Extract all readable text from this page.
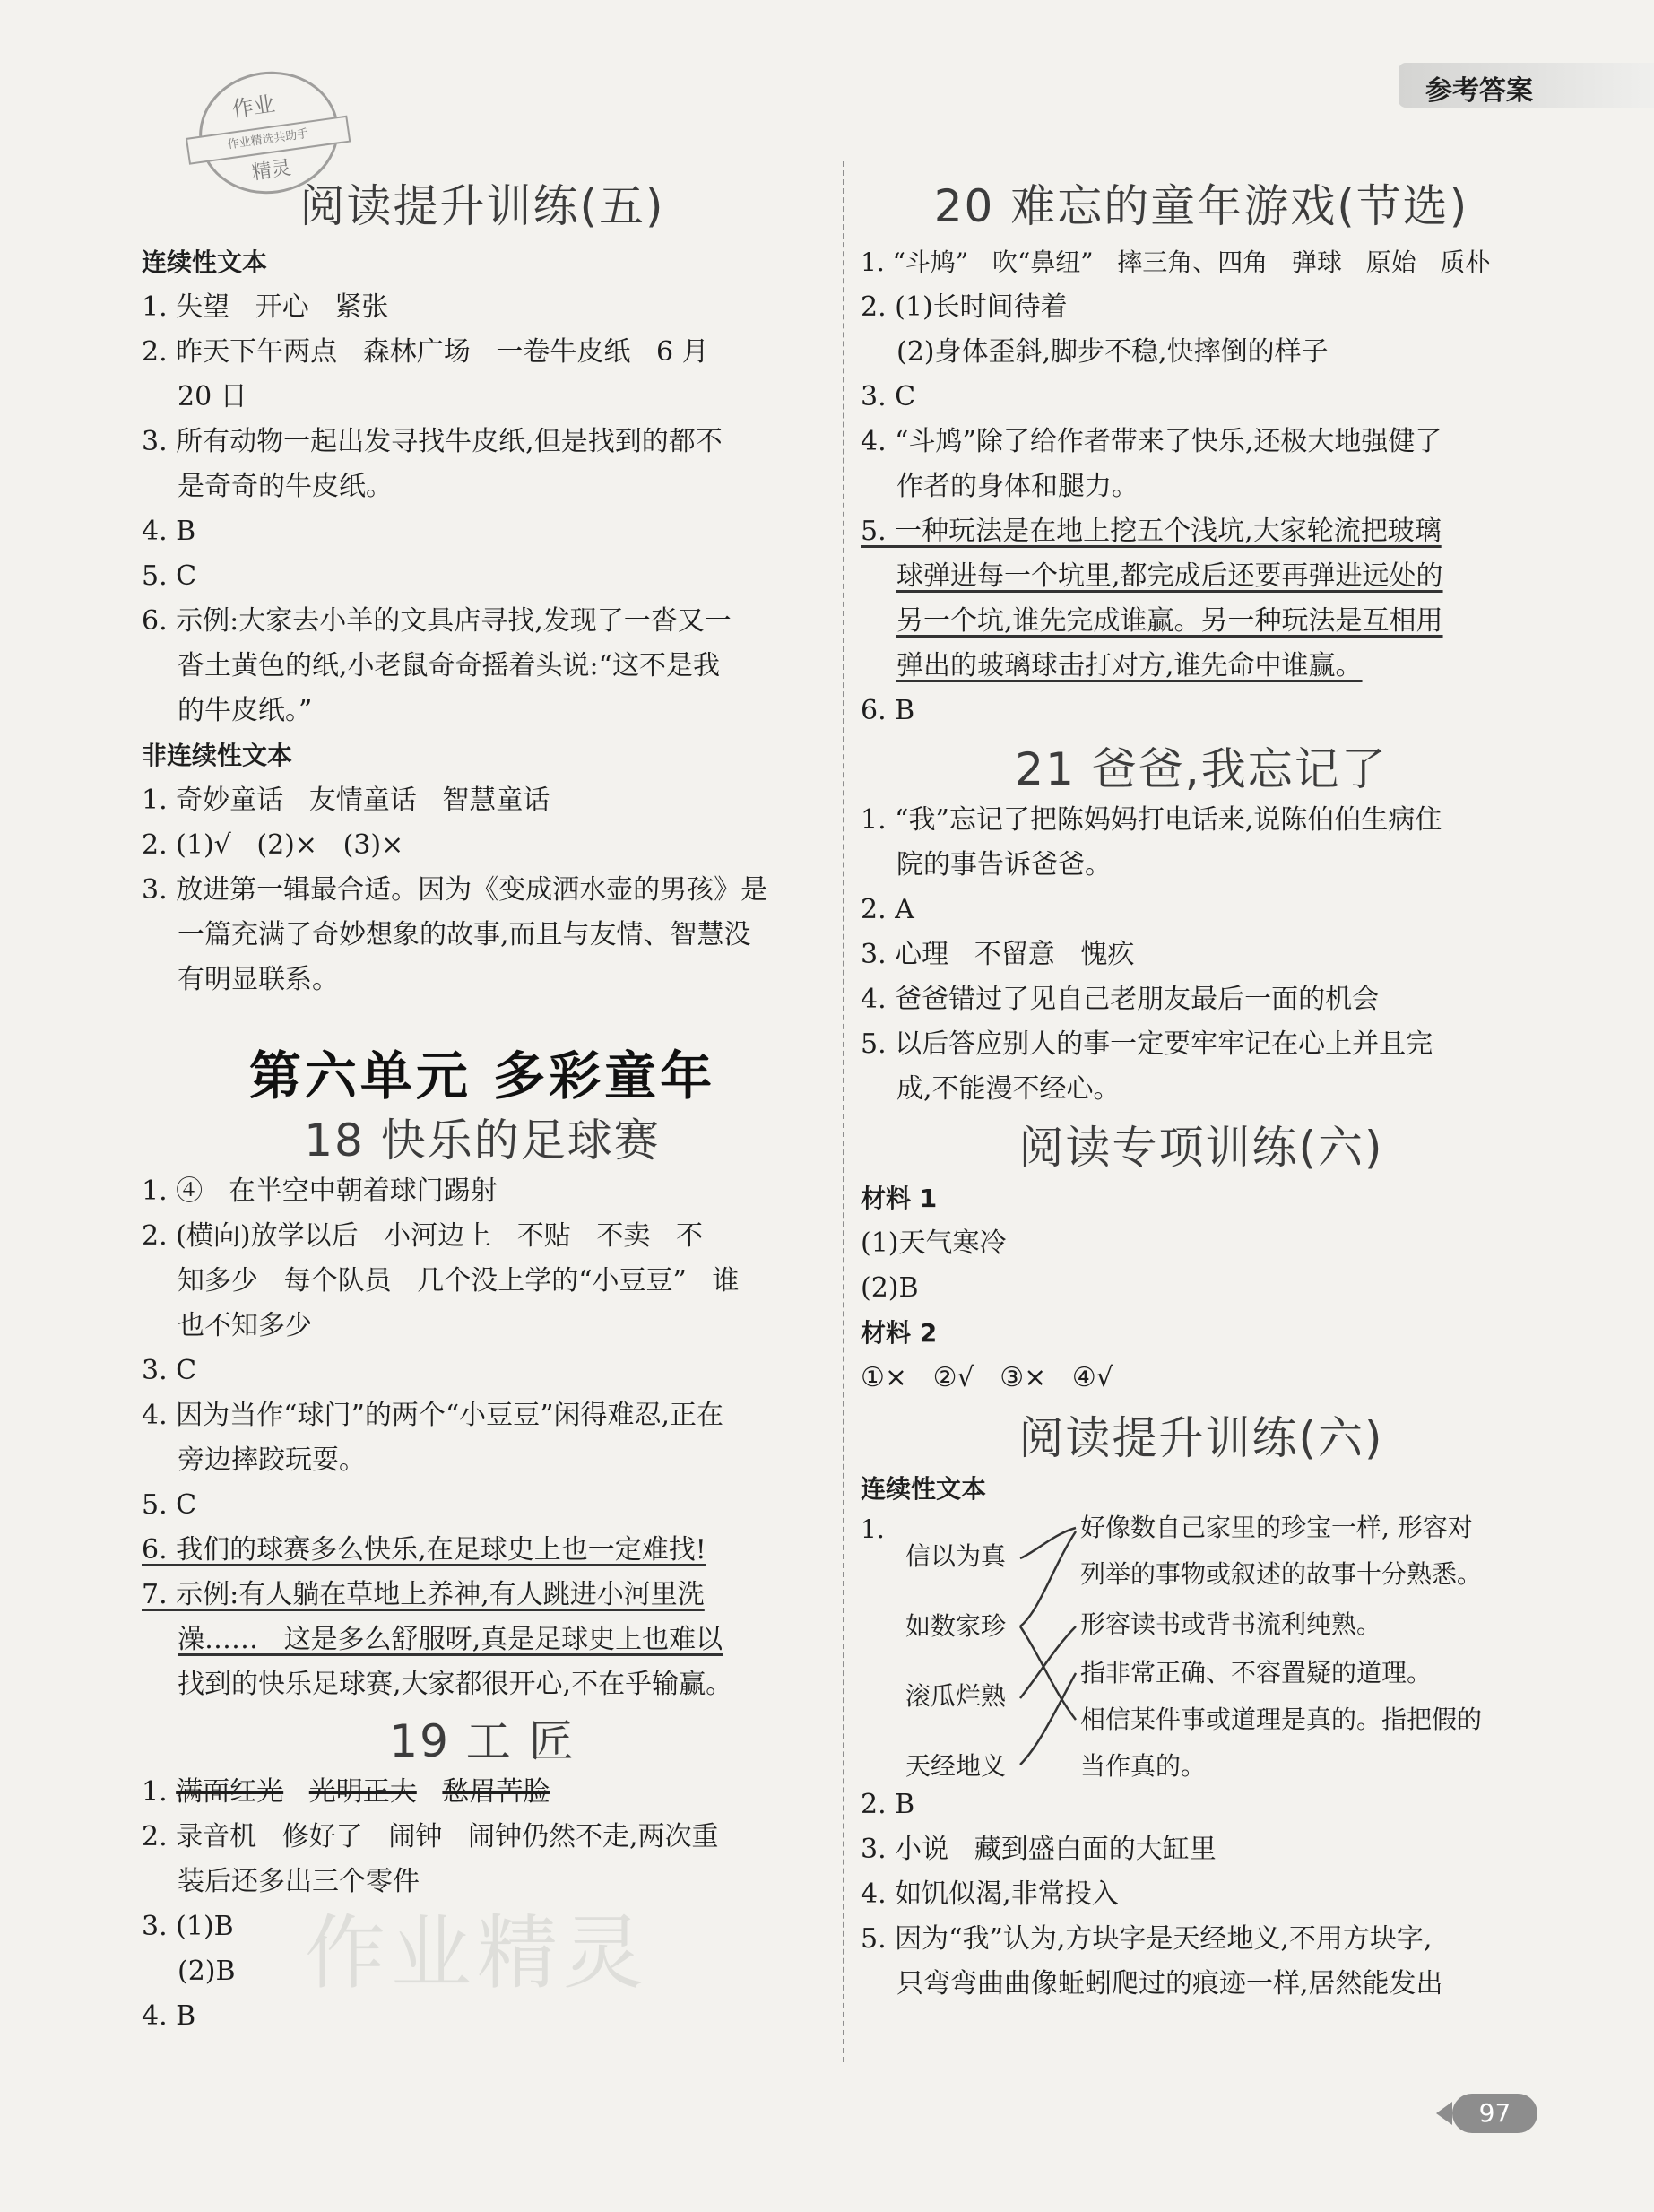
参考答案
作业
作业精选共助手
精灵
阅读提升训练(五)
连续性文本
1. 失望   开心   紧张
2. 昨天下午两点   森林广场   一卷牛皮纸   6 月
20 日
3. 所有动物一起出发寻找牛皮纸,但是找到的都不
是奇奇的牛皮纸。
4. B
5. C
6. 示例:大家去小羊的文具店寻找,发现了一沓又一
沓土黄色的纸,小老鼠奇奇摇着头说:“这不是我
的牛皮纸。”
非连续性文本
1. 奇妙童话   友情童话   智慧童话
2. (1)√   (2)×   (3)×
3. 放进第一辑最合适。因为《变成洒水壶的男孩》是
一篇充满了奇妙想象的故事,而且与友情、智慧没
有明显联系。
第六单元 多彩童年
18 快乐的足球赛
1. ④   在半空中朝着球门踢射
2. (横向)放学以后   小河边上   不贴   不卖   不
知多少   每个队员   几个没上学的“小豆豆”   谁
也不知多少
3. C
4. 因为当作“球门”的两个“小豆豆”闲得难忍,正在
旁边摔跤玩耍。
5. C
6. 我们的球赛多么快乐,在足球史上也一定难找!
7. 示例:有人躺在草地上养神,有人跳进小河里洗
澡……   这是多么舒服呀,真是足球史上也难以
找到的快乐足球赛,大家都很开心,不在乎输赢。
19 工 匠
1. 满面红光 光明正大 愁眉苦脸
2. 录音机   修好了   闹钟   闹钟仍然不走,两次重
装后还多出三个零件
3. (1)B
(2)B
4. B
20 难忘的童年游戏(节选)
1. “斗鸠”   吹“鼻纽”   摔三角、四角   弹球   原始   质朴
2. (1)长时间待着
(2)身体歪斜,脚步不稳,快摔倒的样子
3. C
4. “斗鸠”除了给作者带来了快乐,还极大地强健了
作者的身体和腿力。
5. 一种玩法是在地上挖五个浅坑,大家轮流把玻璃
球弹进每一个坑里,都完成后还要再弹进远处的
另一个坑,谁先完成谁赢。另一种玩法是互相用
弹出的玻璃球击打对方,谁先命中谁赢。
6. B
21 爸爸,我忘记了
1. “我”忘记了把陈妈妈打电话来,说陈伯伯生病住
院的事告诉爸爸。
2. A
3. 心理   不留意   愧疚
4. 爸爸错过了见自己老朋友最后一面的机会
5. 以后答应别人的事一定要牢牢记在心上并且完
成,不能漫不经心。
阅读专项训练(六)
材料 1
(1)天气寒冷
(2)B
材料 2
①×   ②√   ③×   ④√
阅读提升训练(六)
连续性文本
1.
信以为真
如数家珍
滚瓜烂熟
天经地义
好像数自己家里的珍宝一样, 形容对
列举的事物或叙述的故事十分熟悉。
形容读书或背书流利纯熟。
指非常正确、不容置疑的道理。
相信某件事或道理是真的。指把假的
当作真的。
2. B
3. 小说   藏到盛白面的大缸里
4. 如饥似渴,非常投入
5. 因为“我”认为,方块字是天经地义,不用方块字,
只弯弯曲曲像蚯蚓爬过的痕迹一样,居然能发出
作业精灵
97
